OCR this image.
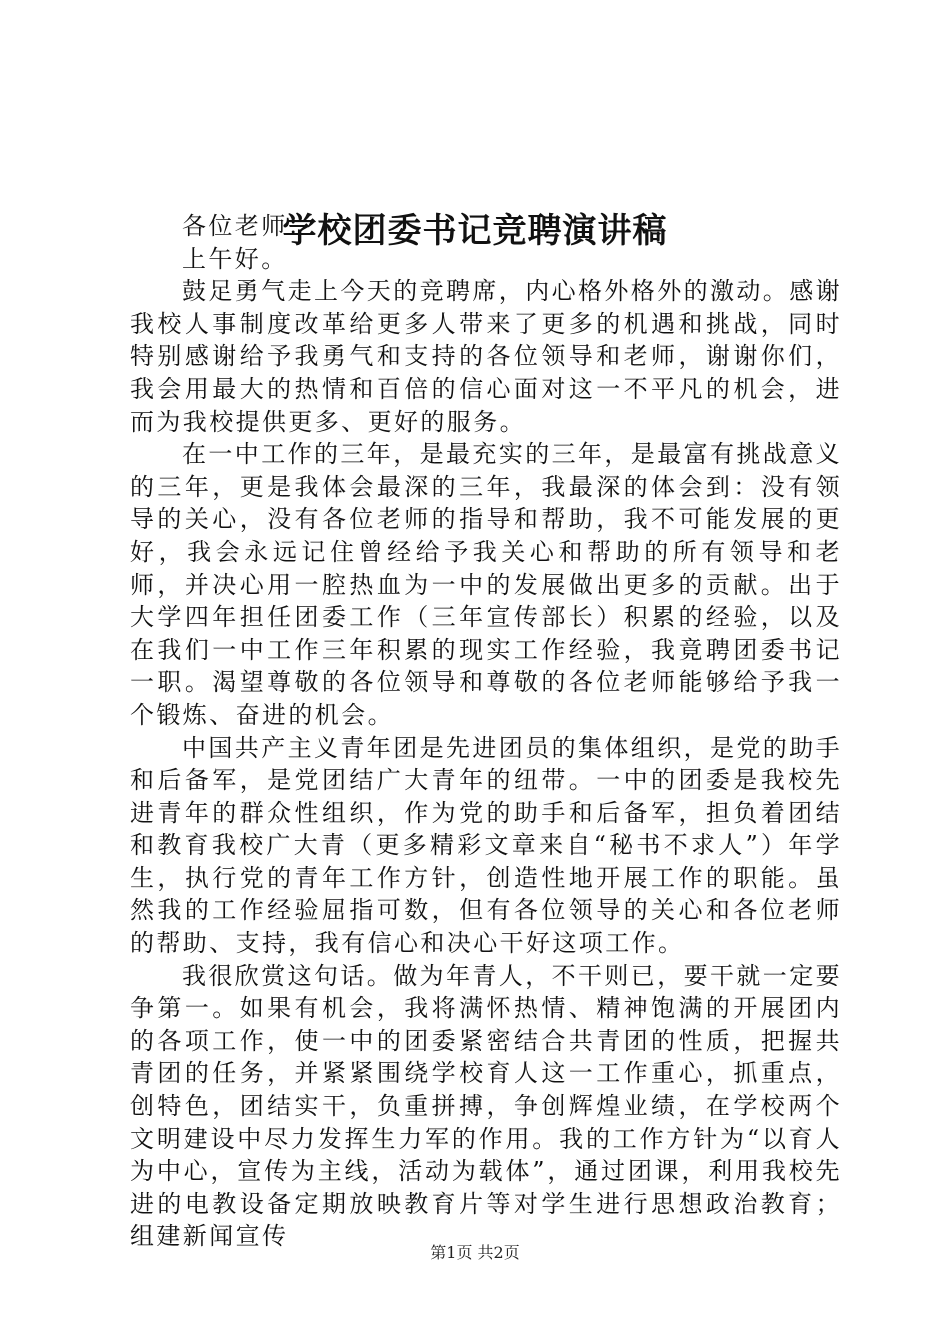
学校团委书记竞聘演讲稿

各位老师：

上午好。

鼓足勇气走上今天的竞聘席，内心格外格外的激动。感谢我校人事制度改革给更多人带来了更多的机遇和挑战，同时特别感谢给予我勇气和支持的各位领导和老师，谢谢你们，我会用最大的热情和百倍的信心面对这一不平凡的机会，进而为我校提供更多、更好的服务。

在一中工作的三年，是最充实的三年，是最富有挑战意义的三年，更是我体会最深的三年，我最深的体会到：没有领导的关心，没有各位老师的指导和帮助，我不可能发展的更好，我会永远记住曾经给予我关心和帮助的所有领导和老师，并决心用一腔热血为一中的发展做出更多的贡献。出于大学四年担任团委工作（三年宣传部长）积累的经验，以及在我们一中工作三年积累的现实工作经验，我竟聘团委书记一职。渴望尊敬的各位领导和尊敬的各位老师能够给予我一个锻炼、奋进的机会。

中国共产主义青年团是先进团员的集体组织，是党的助手和后备军，是党团结广大青年的纽带。一中的团委是我校先进青年的群众性组织，作为党的助手和后备军，担负着团结和教育我校广大青（更多精彩文章来自“秘书不求人”）年学生，执行党的青年工作方针，创造性地开展工作的职能。虽然我的工作经验屈指可数，但有各位领导的关心和各位老师的帮助、支持，我有信心和决心干好这项工作。

我很欣赏这句话。做为年青人，不干则已，要干就一定要争第一。如果有机会，我将满怀热情、精神饱满的开展团内的各项工作，使一中的团委紧密结合共青团的性质，把握共青团的任务，并紧紧围绕学校育人这一工作重心，抓重点，创特色，团结实干，负重拼搏，争创辉煌业绩，在学校两个文明建设中尽力发挥生力军的作用。我的工作方针为“以育人为中心，宣传为主线，活动为载体”，通过团课，利用我校先进的电教设备定期放映教育片等对学生进行思想政治教育；组建新闻宣传

第1页 共2页
